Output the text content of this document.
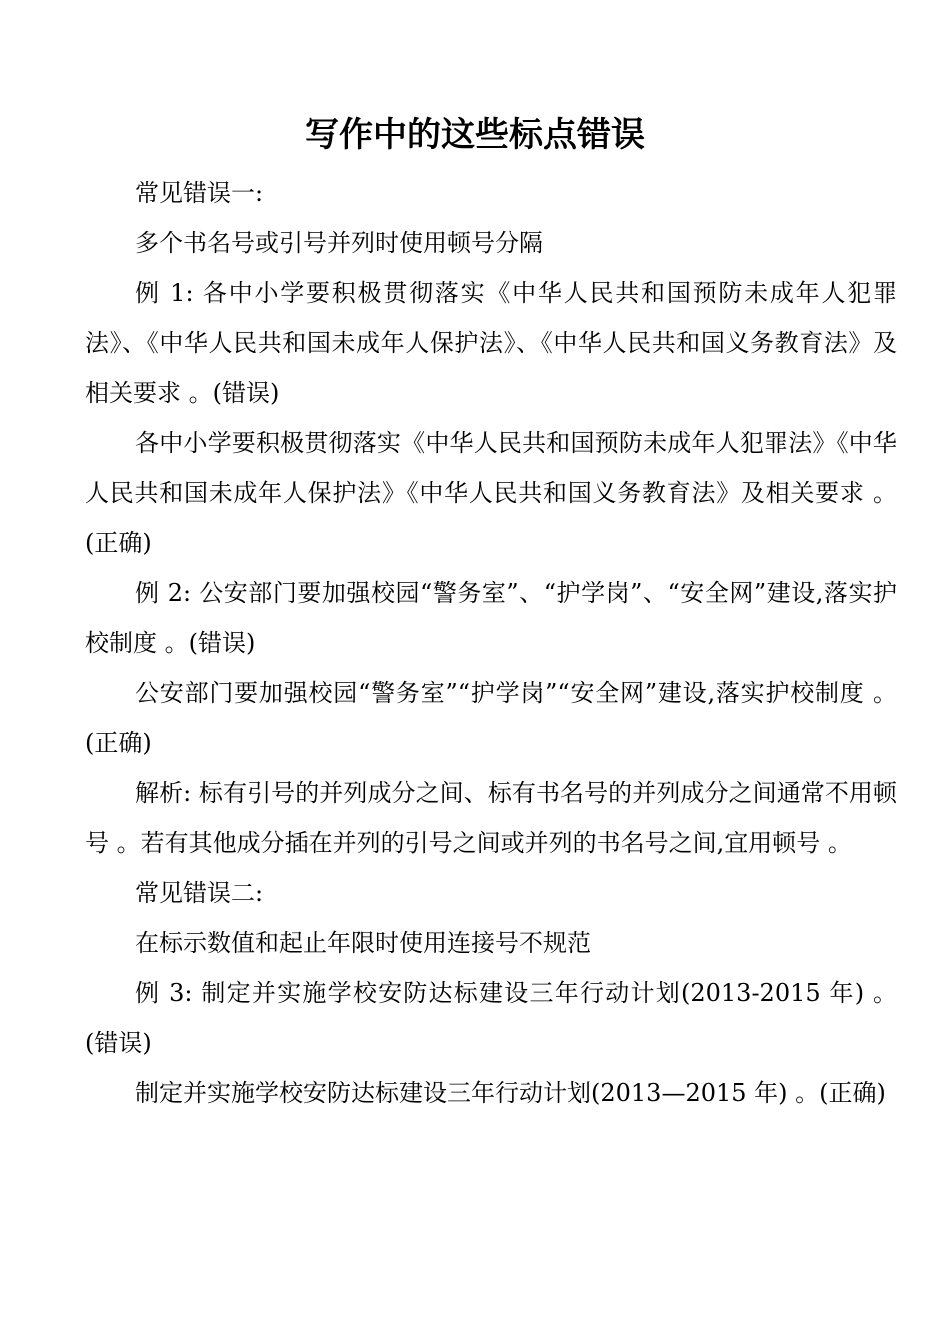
写作中的这些标点错误

常见错误一:

多个书名号或引号并列时使用顿号分隔

例 1: 各中小学要积极贯彻落实《中华人民共和国预防未成年人犯罪法》、《中华人民共和国未成年人保护法》、《中华人民共和国义务教育法》及相关要求 。(错误)

各中小学要积极贯彻落实《中华人民共和国预防未成年人犯罪法》《中华人民共和国未成年人保护法》《中华人民共和国义务教育法》及相关要求 。(正确)

例 2: 公安部门要加强校园“警务室”、“护学岗”、“安全网”建设,落实护校制度 。(错误)

公安部门要加强校园“警务室”“护学岗”“安全网”建设,落实护校制度 。(正确)

解析: 标有引号的并列成分之间、标有书名号的并列成分之间通常不用顿号 。若有其他成分插在并列的引号之间或并列的书名号之间,宜用顿号 。

常见错误二:

在标示数值和起止年限时使用连接号不规范

例 3: 制定并实施学校安防达标建设三年行动计划(2013-2015 年) 。(错误)

制定并实施学校安防达标建设三年行动计划(2013—2015 年) 。(正确)
